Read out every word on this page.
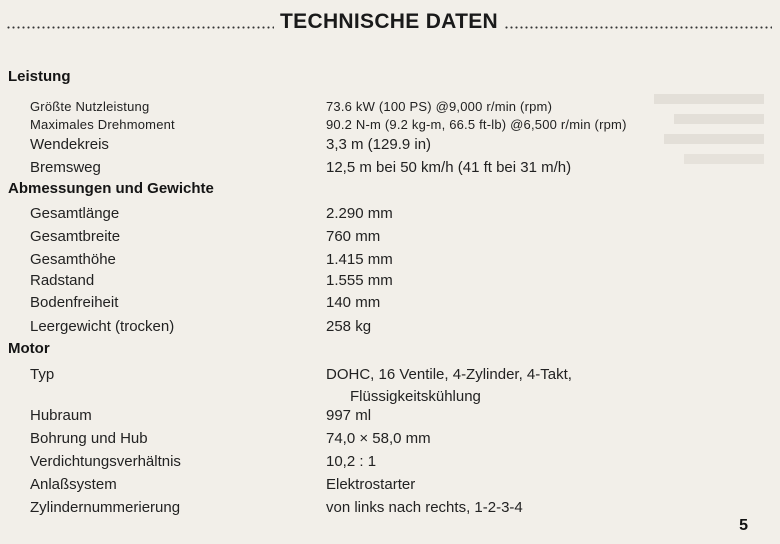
TECHNISCHE DATEN
Leistung
Größte Nutzleistung	73.6 kW (100 PS) @9,000 r/min (rpm)
Maximales Drehmoment	90.2 N-m (9.2 kg-m, 66.5 ft-lb) @6,500 r/min (rpm)
Wendekreis	3,3 m (129.9 in)
Bremsweg	12,5 m bei 50 km/h (41 ft bei 31 m/h)
Abmessungen und Gewichte
Gesamtlänge	2.290 mm
Gesamtbreite	760 mm
Gesamthöhe	1.415 mm
Radstand	1.555 mm
Bodenfreiheit	140 mm
Leergewicht (trocken)	258 kg
Motor
Typ	DOHC, 16 Ventile, 4-Zylinder, 4-Takt,
Flüssigkeitskühlung
Hubraum	997 ml
Bohrung und Hub	74,0 × 58,0 mm
Verdichtungsverhältnis	10,2 : 1
Anlaßsystem	Elektrostarter
Zylindernummerierung	von links nach rechts, 1-2-3-4
5
